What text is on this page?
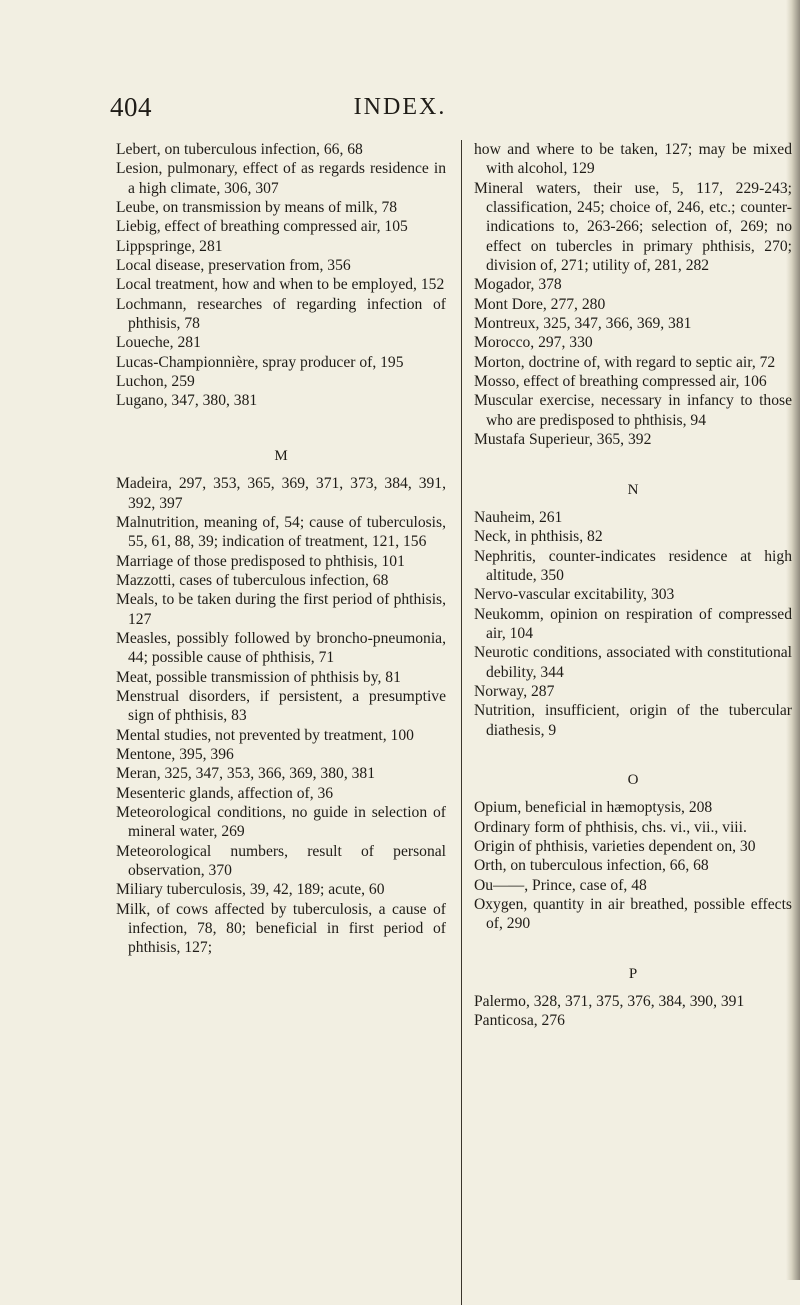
404	INDEX.

Lebert, on tuberculous infection, 66, 68

Lesion, pulmonary, effect of as regards residence in a high climate, 306, 307

Leube, on transmission by means of milk, 78

Liebig, effect of breathing compressed air, 105

Lippspringe, 281

Local disease, preservation from, 356

Local treatment, how and when to be employed, 152

Lochmann, researches of regarding infection of phthisis, 78

Loueche, 281

Lucas-Championnière, spray producer of, 195

Luchon, 259

Lugano, 347, 380, 381

M

Madeira, 297, 353, 365, 369, 371, 373, 384, 391, 392, 397

Malnutrition, meaning of, 54; cause of tuberculosis, 55, 61, 88, 39; indication of treatment, 121, 156

Marriage of those predisposed to phthisis, 101

Mazzotti, cases of tuberculous infection, 68

Meals, to be taken during the first period of phthisis, 127

Measles, possibly followed by broncho-pneumonia, 44; possible cause of phthisis, 71

Meat, possible transmission of phthisis by, 81

Menstrual disorders, if persistent, a presumptive sign of phthisis, 83

Mental studies, not prevented by treatment, 100

Mentone, 395, 396

Meran, 325, 347, 353, 366, 369, 380, 381

Mesenteric glands, affection of, 36

Meteorological conditions, no guide in selection of mineral water, 269

Meteorological numbers, result of personal observation, 370

Miliary tuberculosis, 39, 42, 189; acute, 60

Milk, of cows affected by tuberculosis, a cause of infection, 78, 80; beneficial in first period of phthisis, 127;

how and where to be taken, 127; may be mixed with alcohol, 129

Mineral waters, their use, 5, 117, 229-243; classification, 245; choice of, 246, etc.; counter-indications to, 263-266; selection of, 269; no effect on tubercles in primary phthisis, 270; division of, 271; utility of, 281, 282

Mogador, 378

Mont Dore, 277, 280

Montreux, 325, 347, 366, 369, 381

Morocco, 297, 330

Morton, doctrine of, with regard to septic air, 72

Mosso, effect of breathing compressed air, 106

Muscular exercise, necessary in infancy to those who are predisposed to phthisis, 94

Mustafa Superieur, 365, 392

N

Nauheim, 261

Neck, in phthisis, 82

Nephritis, counter-indicates residence at high altitude, 350

Nervo-vascular excitability, 303

Neukomm, opinion on respiration of compressed air, 104

Neurotic conditions, associated with constitutional debility, 344

Norway, 287

Nutrition, insufficient, origin of the tubercular diathesis, 9

O

Opium, beneficial in hæmoptysis, 208

Ordinary form of phthisis, chs. vi., vii., viii.

Origin of phthisis, varieties dependent on, 30

Orth, on tuberculous infection, 66, 68

Ou——, Prince, case of, 48

Oxygen, quantity in air breathed, possible effects of, 290

P

Palermo, 328, 371, 375, 376, 384, 390, 391

Panticosa, 276
